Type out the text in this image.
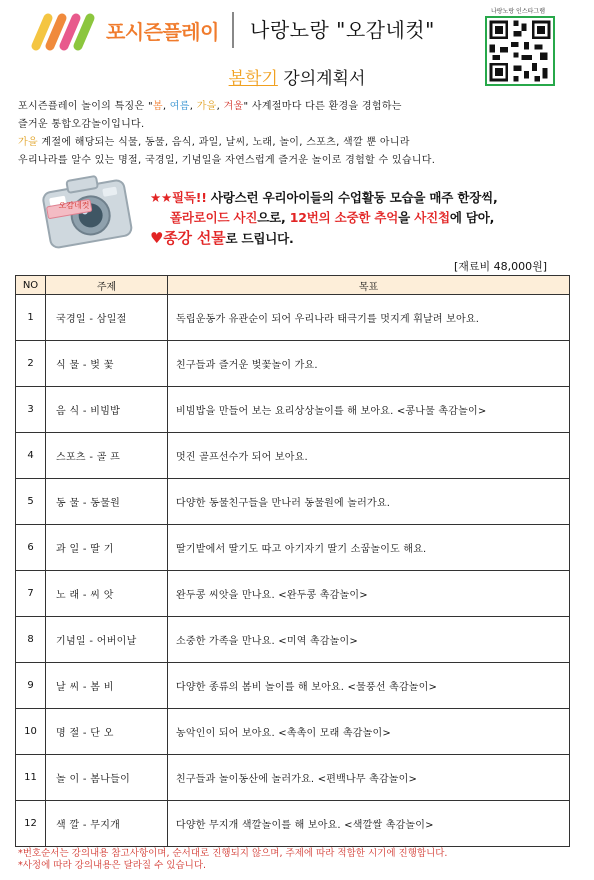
포시즌플레이 나랑노랑 "오감네컷"
나랑노랑 인스타그램
봄학기 강의계획서
포시즌플레이 놀이의 특징은 "봄, 여름, 가을, 겨울" 사계절마다 다른 환경을 경험하는
즐거운 통합오감놀이입니다.
가을 계절에 해당되는 식물, 동물, 음식, 과일, 날씨, 노래, 놀이, 스포츠, 색깔 뿐 아니라
우리나라를 알수 있는 명절, 국경일, 기념일을 자연스럽게 즐거운 놀이로 경험할 수 있습니다.
오감네컷
★★필독!! 사랑스런 우리아이들의 수업활동 모습을 매주 한장씩,
폴라로이드 사진으로, 12번의 소중한 추억을 사진첩에 담아,
♥종강 선물로 드립니다.
[재료비 48,000원]
NO	주제	목표
1	국경일 - 삼일절	독립운동가 유관순이 되어 우리나라 태극기를 멋지게 휘날려 보아요.
2	식 물 - 벚 꽃	친구들과 즐거운 벚꽃놀이 가요.
3	음 식 - 비빔밥	비빔밥을 만들어 보는 요리상상놀이를 해 보아요. <콩나물 촉감놀이>
4	스포츠 - 골 프	멋진 골프선수가 되어 보아요.
5	동 물 - 동물원	다양한 동물친구들을 만나러 동물원에 놀러가요.
6	과 일 - 딸 기	딸기밭에서 딸기도 따고 아기자기 딸기 소꿉놀이도 해요.
7	노 래 - 씨 앗	완두콩 씨앗을 만나요. <완두콩 촉감놀이>
8	기념일 - 어버이날	소중한 가족을 만나요. <미역 촉감놀이>
9	날 씨 - 봄 비	다양한 종류의 봄비 놀이를 해 보아요. <물풍선 촉감놀이>
10	명 절 - 단 오	농악인이 되어 보아요. <촉촉이 모래 촉감놀이>
11	놀 이 - 봄나들이	친구들과 놀이동산에 놀러가요. <편백나무 촉감놀이>
12	색 깔 - 무지개	다양한 무지개 색깔놀이를 해 보아요. <색깔쌀 촉감놀이>
*번호순서는 강의내용 참고사항이며, 순서대로 진행되지 않으며, 주제에 따라 적합한 시기에 진행합니다.
*사정에 따라 강의내용은 달라질 수 있습니다.
